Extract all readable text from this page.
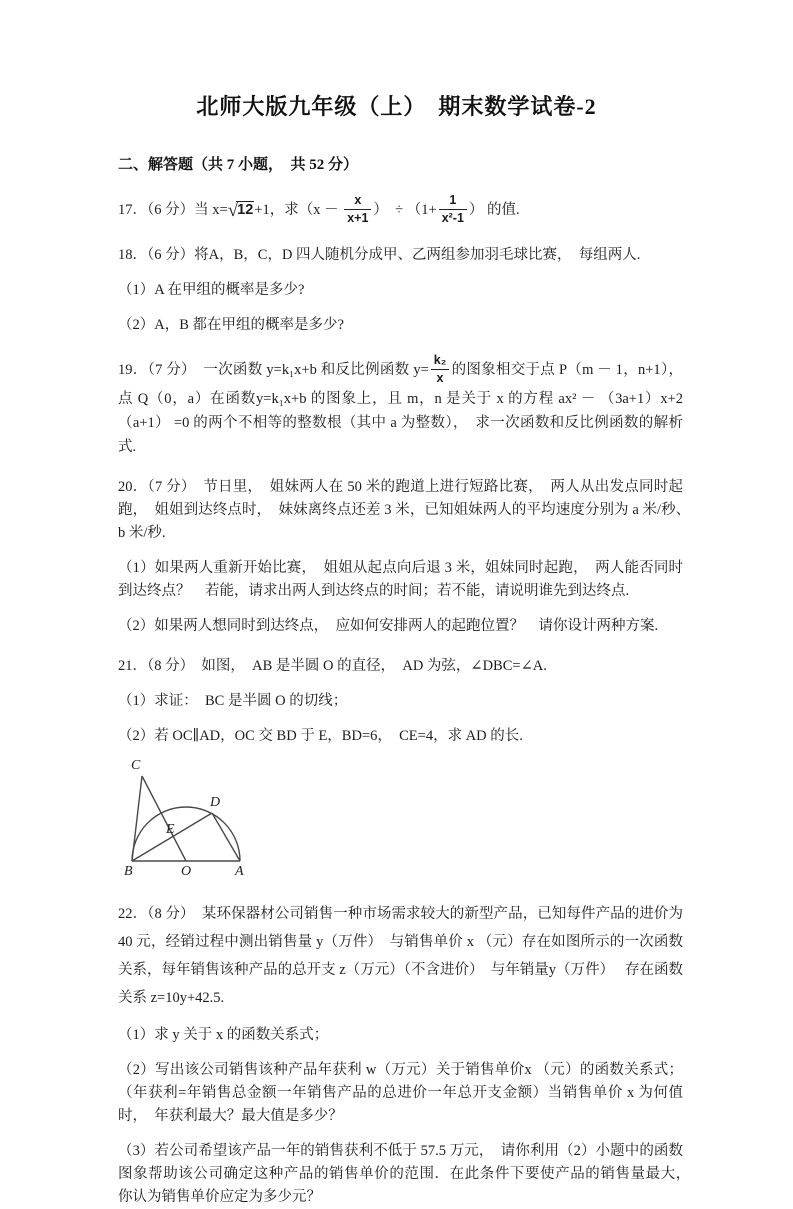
北师大版九年级（上）　期末数学试卷-2
二、解答题（共 7 小题，　共 52 分）

17．（6 分）当 x=√12+1，求（$x - \frac{x}{x+1}$ ）  ÷ （$1+ \frac{1}{\text{x²-1}}$ ） 的值.

18．（6 分）将A，B，C，D 四人随机分成甲、乙两组参加羽毛球比赛，　每组两人.

（1）A 在甲组的概率是多少?

（2）A，B 都在甲组的概率是多少?

19．（7 分）　一次函数 y=k₁x+b 和反比例函数 $y= \frac{\text{k₂}}{x}$ 的图象相交于点 P（m － 1，n+1），点 Q（0，a）在函数y=k₁x+b 的图象上，且 m，n 是关于 x 的方程 ax² － （3a+1）x+2（a+1） =0 的两个不相等的整数根（其中 a 为整数），　求一次函数和反比例函数的解析式.

20．（7 分）　节日里，　姐妹两人在 50 米的跑道上进行短路比赛，　两人从出发点同时起跑，　姐姐到达终点时，　妹妹离终点还差 3 米，已知姐妹两人的平均速度分别为 a 米/秒、　b 米/秒.

（1）如果两人重新开始比赛，　姐姐从起点向后退 3 米，姐妹同时起跑，　两人能否同时到达终点？　若能，请求出两人到达终点的时间；若不能，请说明谁先到达终点.

（2）如果两人想同时到达终点，　应如何安排两人的起跑位置？　请你设计两种方案.

21．（8 分）　如图，　AB 是半圆 O 的直径，　AD 为弦，∠DBC=∠A.

（1）求证：　BC 是半圆 O 的切线；

（2）若 OC∥AD，OC 交 BD 于 E，BD=6，　CE=4，求 AD 的长.

C
D
E
B	O	A

22．（8 分）　某环保器材公司销售一种市场需求较大的新型产品，已知每件产品的进价为 40 元，经销过程中测出销售量 y（万件）　与销售单价 x （元）存在如图所示的一次函数关系，每年销售该种产品的总开支 z（万元）（不含进价）　与年销量y（万件）　 存在函数关系 z=10y+42.5.

（1）求 y 关于 x 的函数关系式；

（2）写出该公司销售该种产品年获利 w（万元）关于销售单价x （元）的函数关系式；（年获利=年销售总金额一年销售产品的总进价一年总开支金额）当销售单价 x 为何值时，　年获利最大？最大值是多少？

（3）若公司希望该产品一年的销售获利不低于 57.5 万元，　请你利用（2）小题中的函数图象帮助该公司确定这种产品的销售单价的范围．在此条件下要使产品的销售量最大，　你认为销售单价应定为多少元？
